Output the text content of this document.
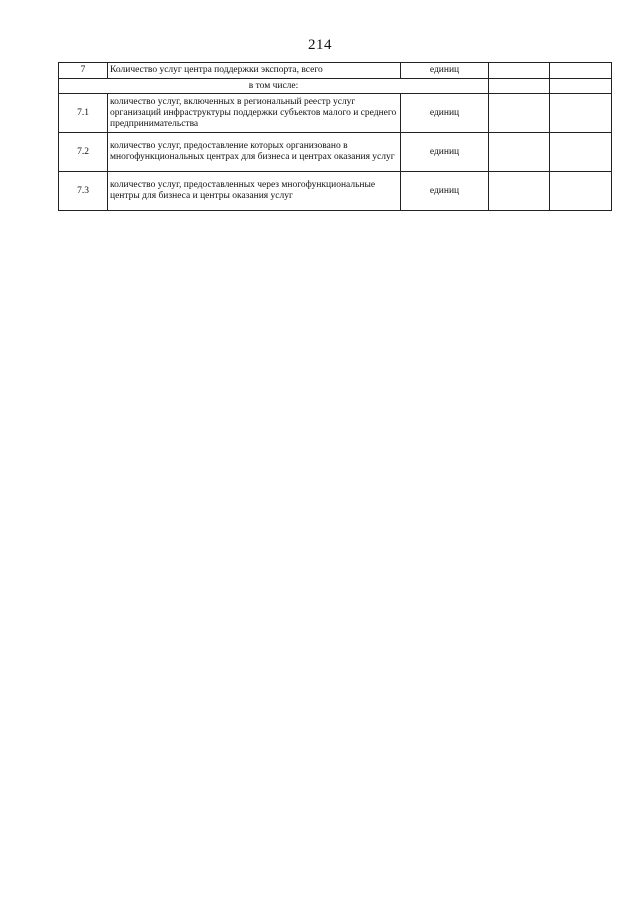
214
7	Количество услуг центра поддержки экспорта, всего	единиц		
в том числе:				
7.1	количество услуг, включенных в региональный реестр услуг организаций инфраструктуры поддержки субъектов малого и среднего предпринимательства	единиц		
7.2	количество услуг, предоставление которых организовано в многофункциональных центрах для бизнеса и центрах оказания услуг	единиц		
7.3	количество услуг, предоставленных через многофункциональные центры для бизнеса и центры оказания услуг	единиц		
